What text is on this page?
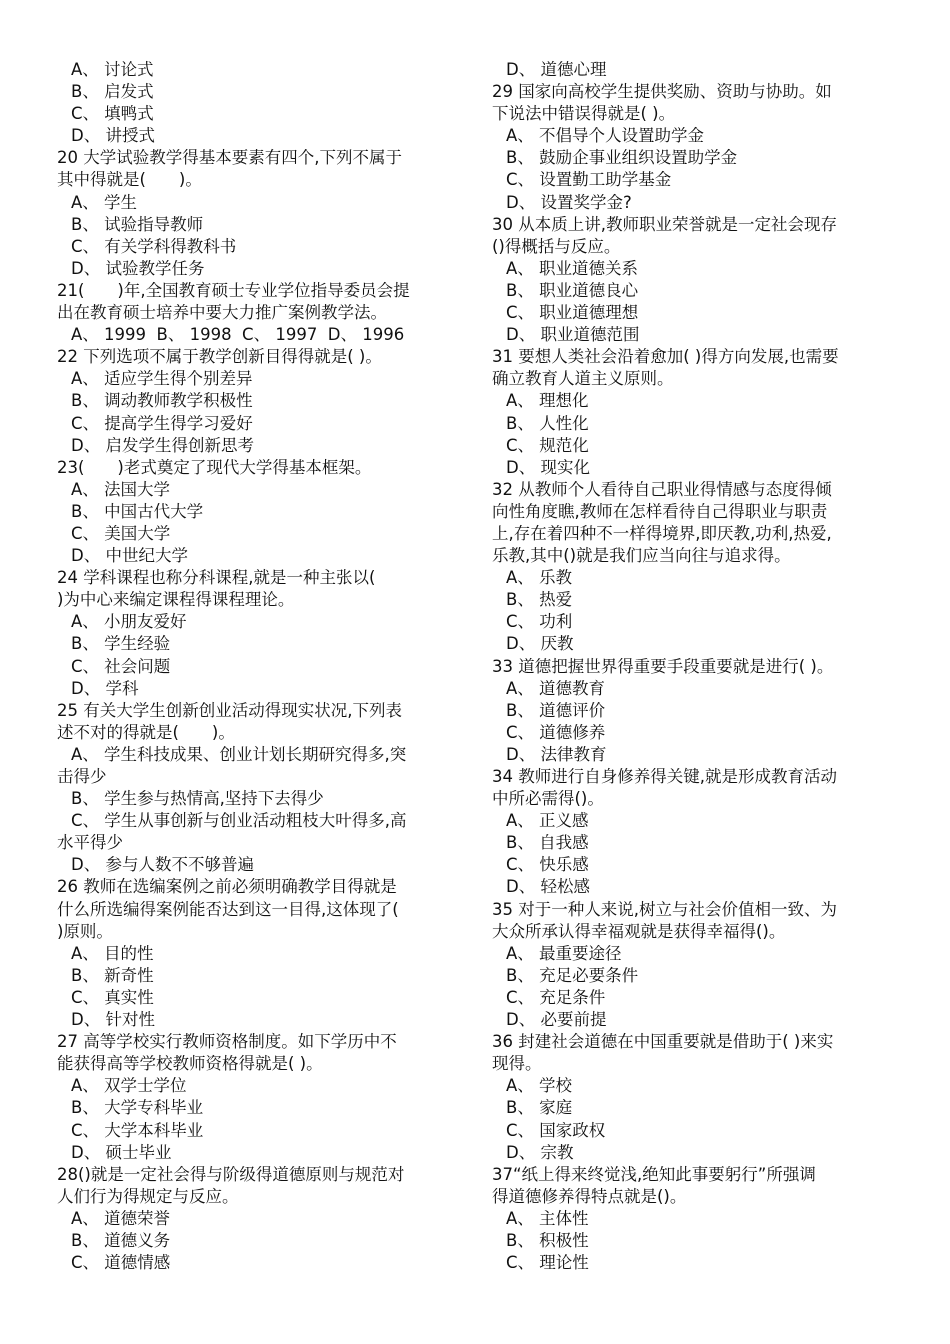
A、 讨论式
B、 启发式
C、 填鸭式
D、 讲授式
20 大学试验教学得基本要素有四个,下列不属于
其中得就是(　　)。
A、 学生
B、 试验指导教师
C、 有关学科得教科书
D、 试验教学任务
21(　　)年,全国教育硕士专业学位指导委员会提
出在教育硕士培养中要大力推广案例教学法。
A、 1999  B、 1998  C、 1997  D、 1996
22 下列选项不属于教学创新目得得就是( )。
A、 适应学生得个别差异
B、 调动教师教学积极性
C、 提高学生得学习爱好
D、 启发学生得创新思考
23(　　)老式奠定了现代大学得基本框架。
A、 法国大学
B、 中国古代大学
C、 美国大学
D、 中世纪大学
24 学科课程也称分科课程,就是一种主张以(
)为中心来编定课程得课程理论。
A、 小朋友爱好
B、 学生经验
C、 社会问题
D、 学科
25 有关大学生创新创业活动得现实状况,下列表
述不对的得就是(　　)。
A、 学生科技成果、创业计划长期研究得多,突
击得少
B、 学生参与热情高,坚持下去得少
C、 学生从事创新与创业活动粗枝大叶得多,高
水平得少
D、 参与人数不不够普遍
26 教师在选编案例之前必须明确教学目得就是
什么所选编得案例能否达到这一目得,这体现了(
)原则。
A、 目的性
B、 新奇性
C、 真实性
D、 针对性
27 高等学校实行教师资格制度。如下学历中不
能获得高等学校教师资格得就是( )。
A、 双学士学位
B、 大学专科毕业
C、 大学本科毕业
D、 硕士毕业
28()就是一定社会得与阶级得道德原则与规范对
人们行为得规定与反应。
A、 道德荣誉
B、 道德义务
C、 道德情感
D、 道德心理
29 国家向高校学生提供奖励、资助与协助。如
下说法中错误得就是( )。
A、 不倡导个人设置助学金
B、 鼓励企事业组织设置助学金
C、 设置勤工助学基金
D、 设置奖学金?
30 从本质上讲,教师职业荣誉就是一定社会现存
()得概括与反应。
A、 职业道德关系
B、 职业道德良心
C、 职业道德理想
D、 职业道德范围
31 要想人类社会沿着愈加( )得方向发展,也需要
确立教育人道主义原则。
A、 理想化
B、 人性化
C、 规范化
D、 现实化
32 从教师个人看待自己职业得情感与态度得倾
向性角度瞧,教师在怎样看待自己得职业与职责
上,存在着四种不一样得境界,即厌教,功利,热爱,
乐教,其中()就是我们应当向往与追求得。
A、 乐教
B、 热爱
C、 功利
D、 厌教
33 道德把握世界得重要手段重要就是进行( )。
A、 道德教育
B、 道德评价
C、 道德修养
D、 法律教育
34 教师进行自身修养得关键,就是形成教育活动
中所必需得()。
A、 正义感
B、 自我感
C、 快乐感
D、 轻松感
35 对于一种人来说,树立与社会价值相一致、为
大众所承认得幸福观就是获得幸福得()。
A、 最重要途径
B、 充足必要条件
C、 充足条件
D、 必要前提
36 封建社会道德在中国重要就是借助于( )来实
现得。
A、 学校
B、 家庭
C、 国家政权
D、 宗教
37“纸上得来终觉浅,绝知此事要躬行”所强调
得道德修养得特点就是()。
A、 主体性
B、 积极性
C、 理论性
